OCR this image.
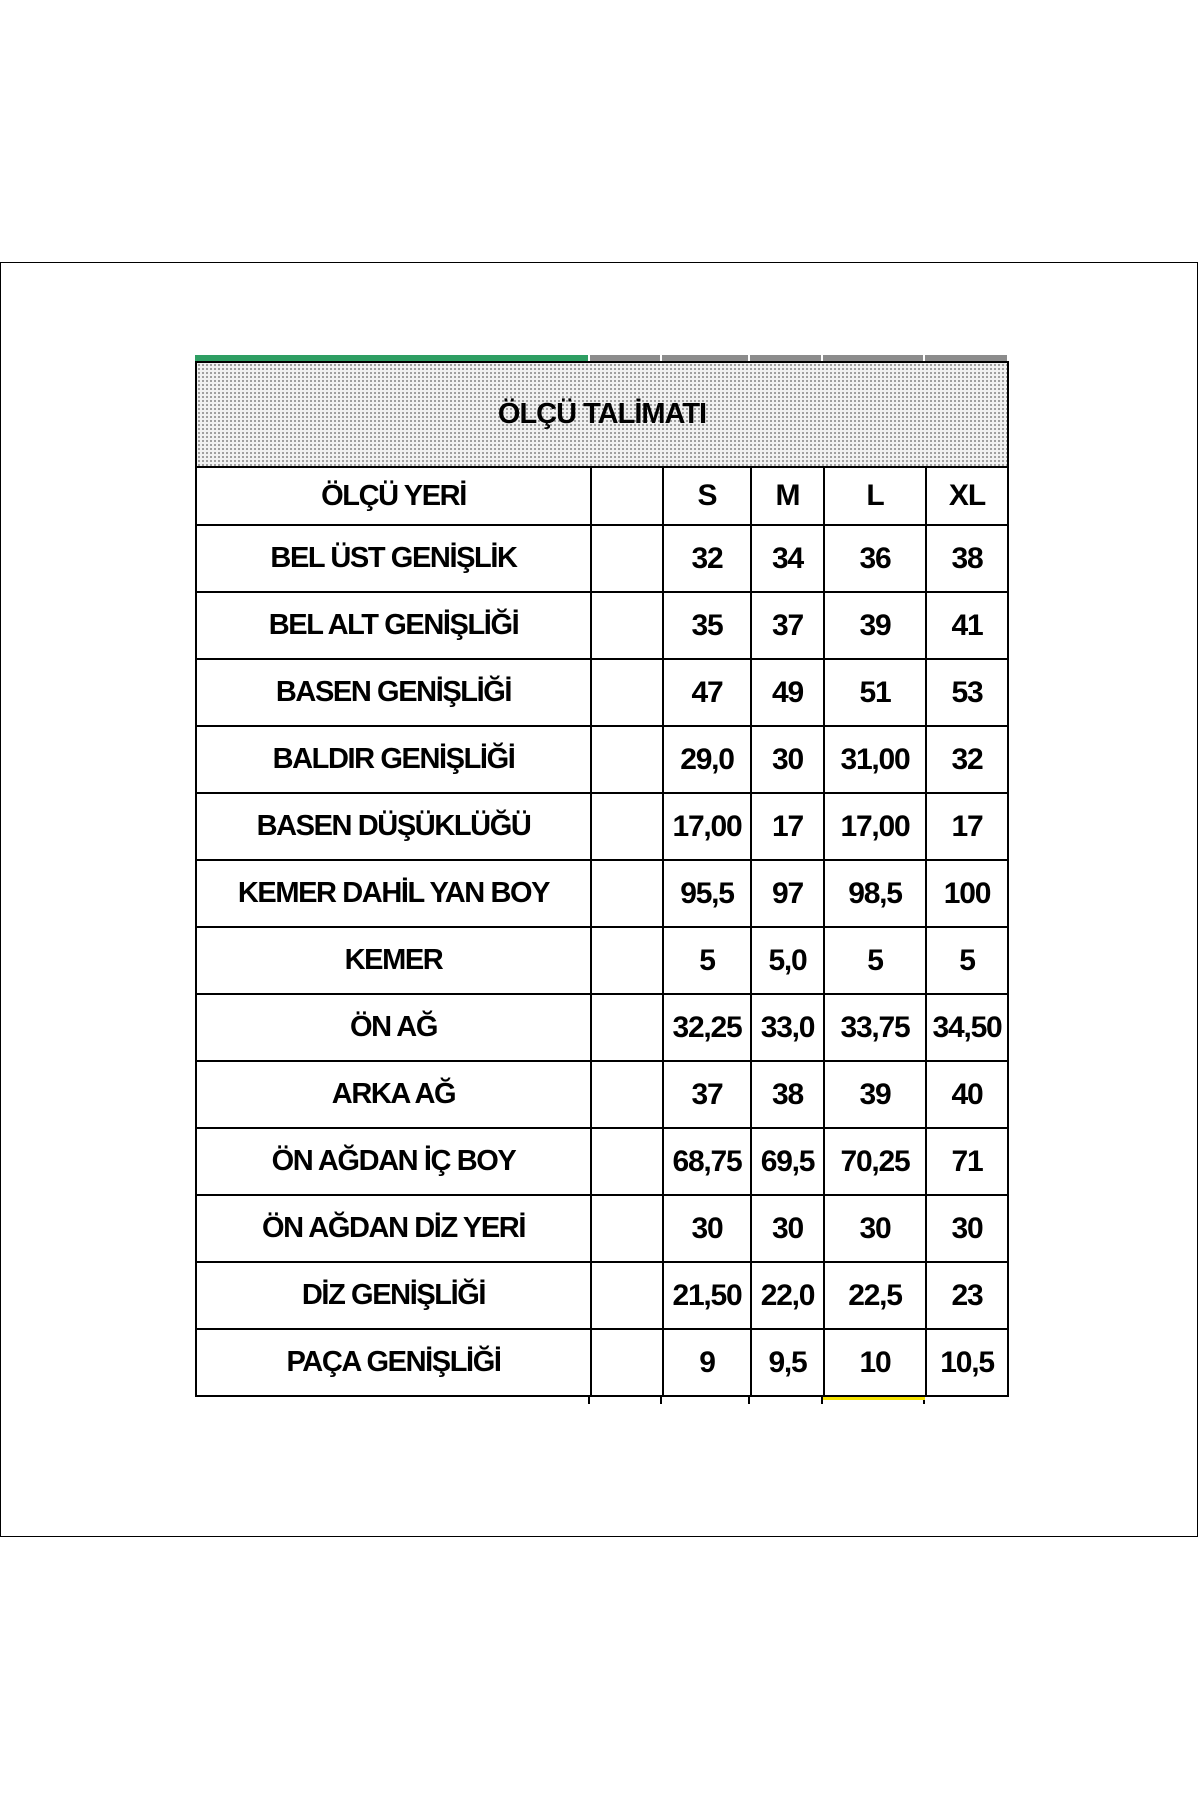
ÖLÇÜ TALİMATI					
ÖLÇÜ YERİ		S	M	L	XL
BEL ÜST GENİŞLİK		32	34	36	38
BEL ALT GENİŞLİĞİ		35	37	39	41
BASEN GENİŞLİĞİ		47	49	51	53
BALDIR GENİŞLİĞİ		29,0	30	31,00	32
BASEN DÜŞÜKLÜĞÜ		17,00	17	17,00	17
KEMER DAHİL YAN BOY		95,5	97	98,5	100
KEMER		5	5,0	5	5
ÖN AĞ		32,25	33,0	33,75	34,50
ARKA AĞ		37	38	39	40
ÖN AĞDAN İÇ BOY		68,75	69,5	70,25	71
ÖN AĞDAN DİZ YERİ		30	30	30	30
DİZ GENİŞLİĞİ		21,50	22,0	22,5	23
PAÇA GENİŞLİĞİ		9	9,5	10	10,5
